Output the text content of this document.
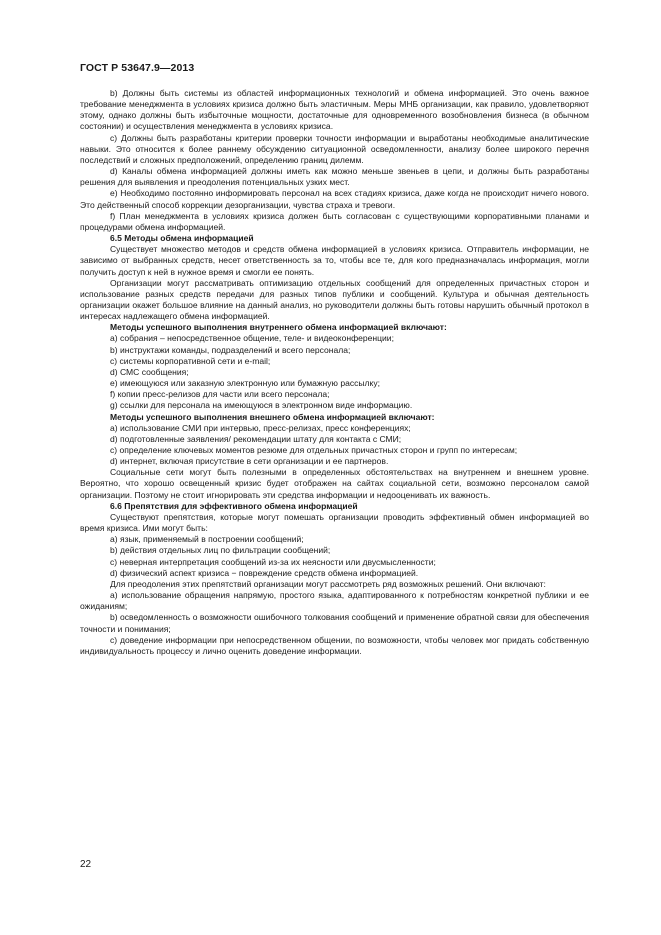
ГОСТ Р 53647.9—2013

b) Должны быть системы из областей информационных технологий и обмена информацией. Это очень важное требование менеджмента в условиях кризиса должно быть эластичным. Меры МНБ организации, как правило, удовлетворяют этому, однако должны быть избыточные мощности, достаточные для одновременного возобновления бизнеса (в обычном состоянии) и осуществления менеджмента в условиях кризиса.

c) Должны быть разработаны критерии проверки точности информации и выработаны необходимые аналитические навыки. Это относится к более раннему обсуждению ситуационной осведомленности, анализу более широкого перечня последствий и сложных предположений, определению границ дилемм.

d) Каналы обмена информацией должны иметь как можно меньше звеньев в цепи, и должны быть разработаны решения для выявления и преодоления потенциальных узких мест.

e) Необходимо постоянно информировать персонал на всех стадиях кризиса, даже когда не происходит ничего нового. Это действенный способ коррекции дезорганизации, чувства страха и тревоги.

f) План менеджмента в условиях кризиса должен быть согласован с существующими корпоративными планами и процедурами обмена информацией.

6.5 Методы обмена информацией

Существует множество методов и средств обмена информацией в условиях кризиса. Отправитель информации, не зависимо от выбранных средств, несет ответственность за то, чтобы все те, для кого предназначалась информация, могли получить доступ к ней в нужное время и смогли ее понять.

Организации могут рассматривать оптимизацию отдельных сообщений для определенных причастных сторон и использование разных средств передачи для разных типов публики и сообщений. Культура и обычная деятельность организации окажет большое влияние на данный анализ, но руководители должны быть готовы нарушить обычный протокол в интересах надлежащего обмена информацией.

Методы успешного выполнения внутреннего обмена информацией включают:

a) собрания – непосредственное общение, теле- и видеоконференции;

b) инструктажи команды, подразделений и всего персонала;

c) системы корпоративной сети и e-mail;

d) СМС сообщения;

e) имеющуюся или заказную электронную или бумажную рассылку;

f) копии пресс-релизов для части или всего персонала;

g) ссылки для персонала на имеющуюся в электронном виде информацию.

Методы успешного выполнения внешнего обмена информацией включают:

a) использование СМИ при интервью, пресс-релизах, пресс конференциях;

d) подготовленные заявления/ рекомендации штату для контакта с СМИ;

c) определение ключевых моментов резюме для отдельных причастных сторон и групп по интересам;

d) интернет, включая присутствие в сети организации и ее партнеров.

Социальные сети могут быть полезными в определенных обстоятельствах на внутреннем и внешнем уровне. Вероятно, что хорошо освещенный кризис будет отображен на сайтах социальной сети, возможно персоналом самой организации. Поэтому не стоит игнорировать эти средства информации и недооценивать их важность.

6.6 Препятствия для эффективного обмена информацией

Существуют препятствия, которые могут помешать организации проводить эффективный обмен информацией во время кризиса. Ими могут быть:

a) язык, применяемый в построении сообщений;

b) действия отдельных лиц по фильтрации сообщений;

c) неверная интерпретация сообщений из-за их неясности или двусмысленности;

d) физический аспект кризиса − повреждение средств обмена информацией.

Для преодоления этих препятствий организации могут рассмотреть ряд возможных решений. Они включают:

a) использование обращения напрямую, простого языка, адаптированного к потребностям конкретной публики и ее ожиданиям;

b) осведомленность о возможности ошибочного толкования сообщений и применение обратной связи для обеспечения точности и понимания;

c) доведение информации при непосредственном общении, по возможности, чтобы человек мог придать собственную индивидуальность процессу и лично оценить доведение информации.

22
